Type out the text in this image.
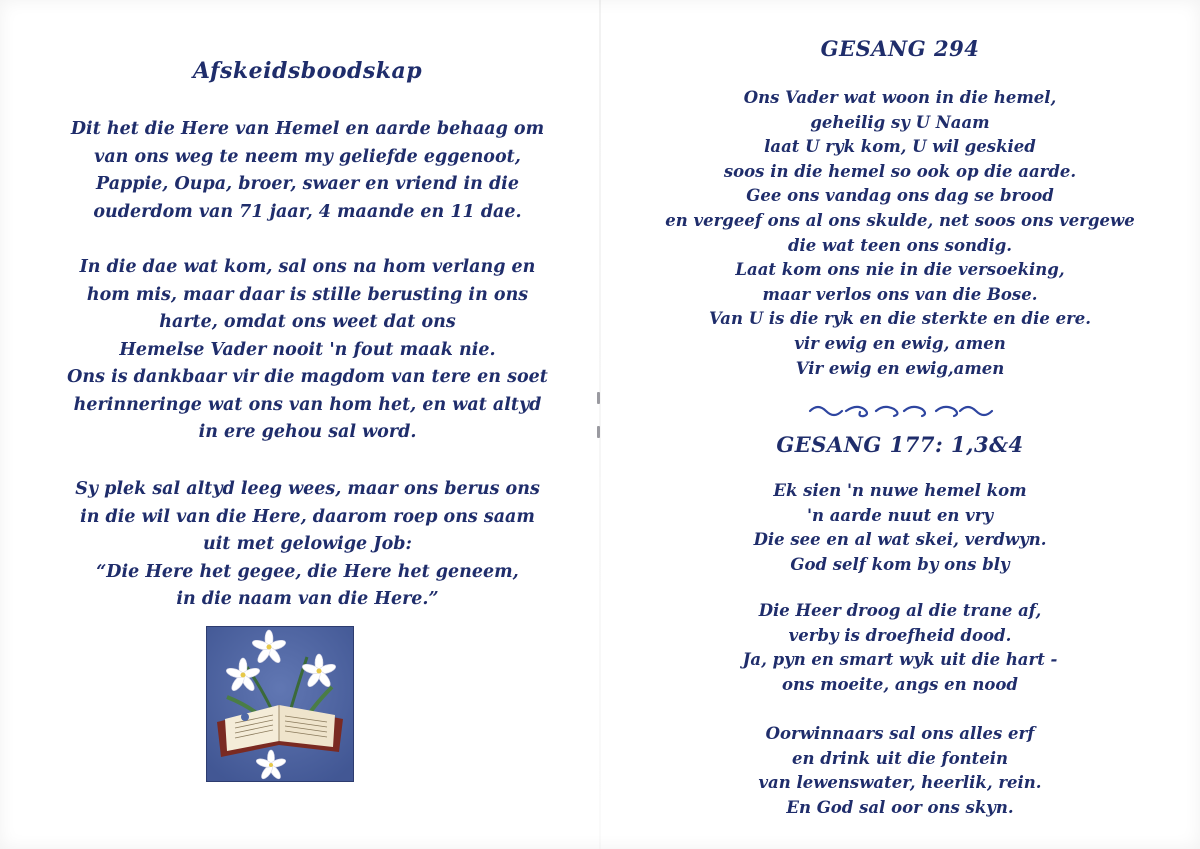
Afskeidsboodskap

Dit het die Here van Hemel en aarde behaag om
van ons weg te neem my geliefde eggenoot,
Pappie, Oupa, broer, swaer en vriend in die
ouderdom van 71 jaar, 4 maande en 11 dae.

In die dae wat kom, sal ons na hom verlang en
hom mis, maar daar is stille berusting in ons
harte, omdat ons weet dat ons
Hemelse Vader nooit 'n fout maak nie.
Ons is dankbaar vir die magdom van tere en soet
herinneringe wat ons van hom het, en wat altyd
in ere gehou sal word.

Sy plek sal altyd leeg wees, maar ons berus ons
in die wil van die Here, daarom roep ons saam
uit met gelowige Job:
“Die Here het gegee, die Here het geneem,
in die naam van die Here.”

GESANG 294

Ons Vader wat woon in die hemel,
geheilig sy U Naam
laat U ryk kom, U wil geskied
soos in die hemel so ook op die aarde.
Gee ons vandag ons dag se brood
en vergeef ons al ons skulde, net soos ons vergewe
die wat teen ons sondig.
Laat kom ons nie in die versoeking,
maar verlos ons van die Bose.
Van U is die ryk en die sterkte en die ere.
vir ewig en ewig, amen
Vir ewig en ewig,amen

GESANG 177: 1,3&4

Ek sien 'n nuwe hemel kom
'n aarde nuut en vry
Die see en al wat skei, verdwyn.
God self kom by ons bly

Die Heer droog al die trane af,
verby is droefheid dood.
Ja, pyn en smart wyk uit die hart -
ons moeite, angs en nood

Oorwinnaars sal ons alles erf
en drink uit die fontein
van lewenswater, heerlik, rein.
En God sal oor ons skyn.
